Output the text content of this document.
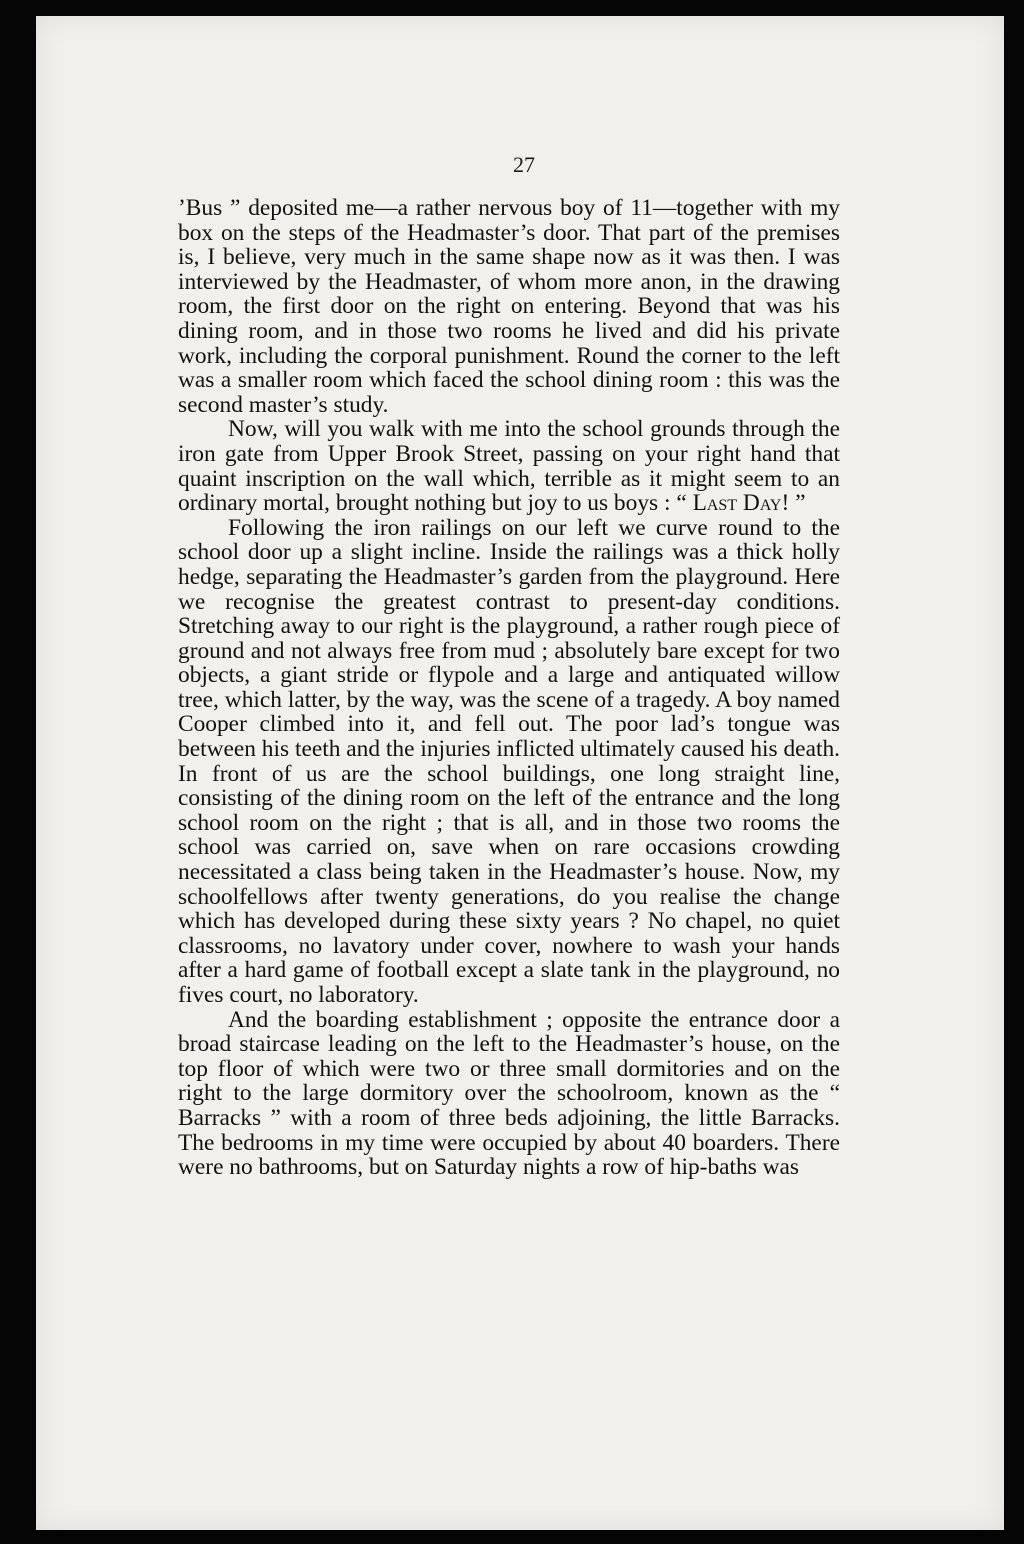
27

’Bus ” deposited me—a rather nervous boy of 11—together with my box on the steps of the Headmaster’s door. That part of the premises is, I believe, very much in the same shape now as it was then. I was interviewed by the Headmaster, of whom more anon, in the drawing room, the first door on the right on entering. Beyond that was his dining room, and in those two rooms he lived and did his private work, including the corporal punishment. Round the corner to the left was a smaller room which faced the school dining room : this was the second master’s study.

Now, will you walk with me into the school grounds through the iron gate from Upper Brook Street, passing on your right hand that quaint inscription on the wall which, terrible as it might seem to an ordinary mortal, brought nothing but joy to us boys : “ Last Day! ”

Following the iron railings on our left we curve round to the school door up a slight incline. Inside the railings was a thick holly hedge, separating the Headmaster’s garden from the playground. Here we recognise the greatest contrast to present-day conditions. Stretching away to our right is the playground, a rather rough piece of ground and not always free from mud ; absolutely bare except for two objects, a giant stride or flypole and a large and antiquated willow tree, which latter, by the way, was the scene of a tragedy. A boy named Cooper climbed into it, and fell out. The poor lad’s tongue was between his teeth and the injuries inflicted ultimately caused his death. In front of us are the school buildings, one long straight line, consisting of the dining room on the left of the entrance and the long school room on the right ; that is all, and in those two rooms the school was carried on, save when on rare occasions crowding necessitated a class being taken in the Headmaster’s house. Now, my schoolfellows after twenty generations, do you realise the change which has developed during these sixty years ? No chapel, no quiet classrooms, no lavatory under cover, nowhere to wash your hands after a hard game of football except a slate tank in the playground, no fives court, no laboratory.

And the boarding establishment ; opposite the entrance door a broad staircase leading on the left to the Headmaster’s house, on the top floor of which were two or three small dormitories and on the right to the large dormitory over the schoolroom, known as the “ Barracks ” with a room of three beds adjoining, the little Barracks. The bedrooms in my time were occupied by about 40 boarders. There were no bathrooms, but on Saturday nights a row of hip-baths was
